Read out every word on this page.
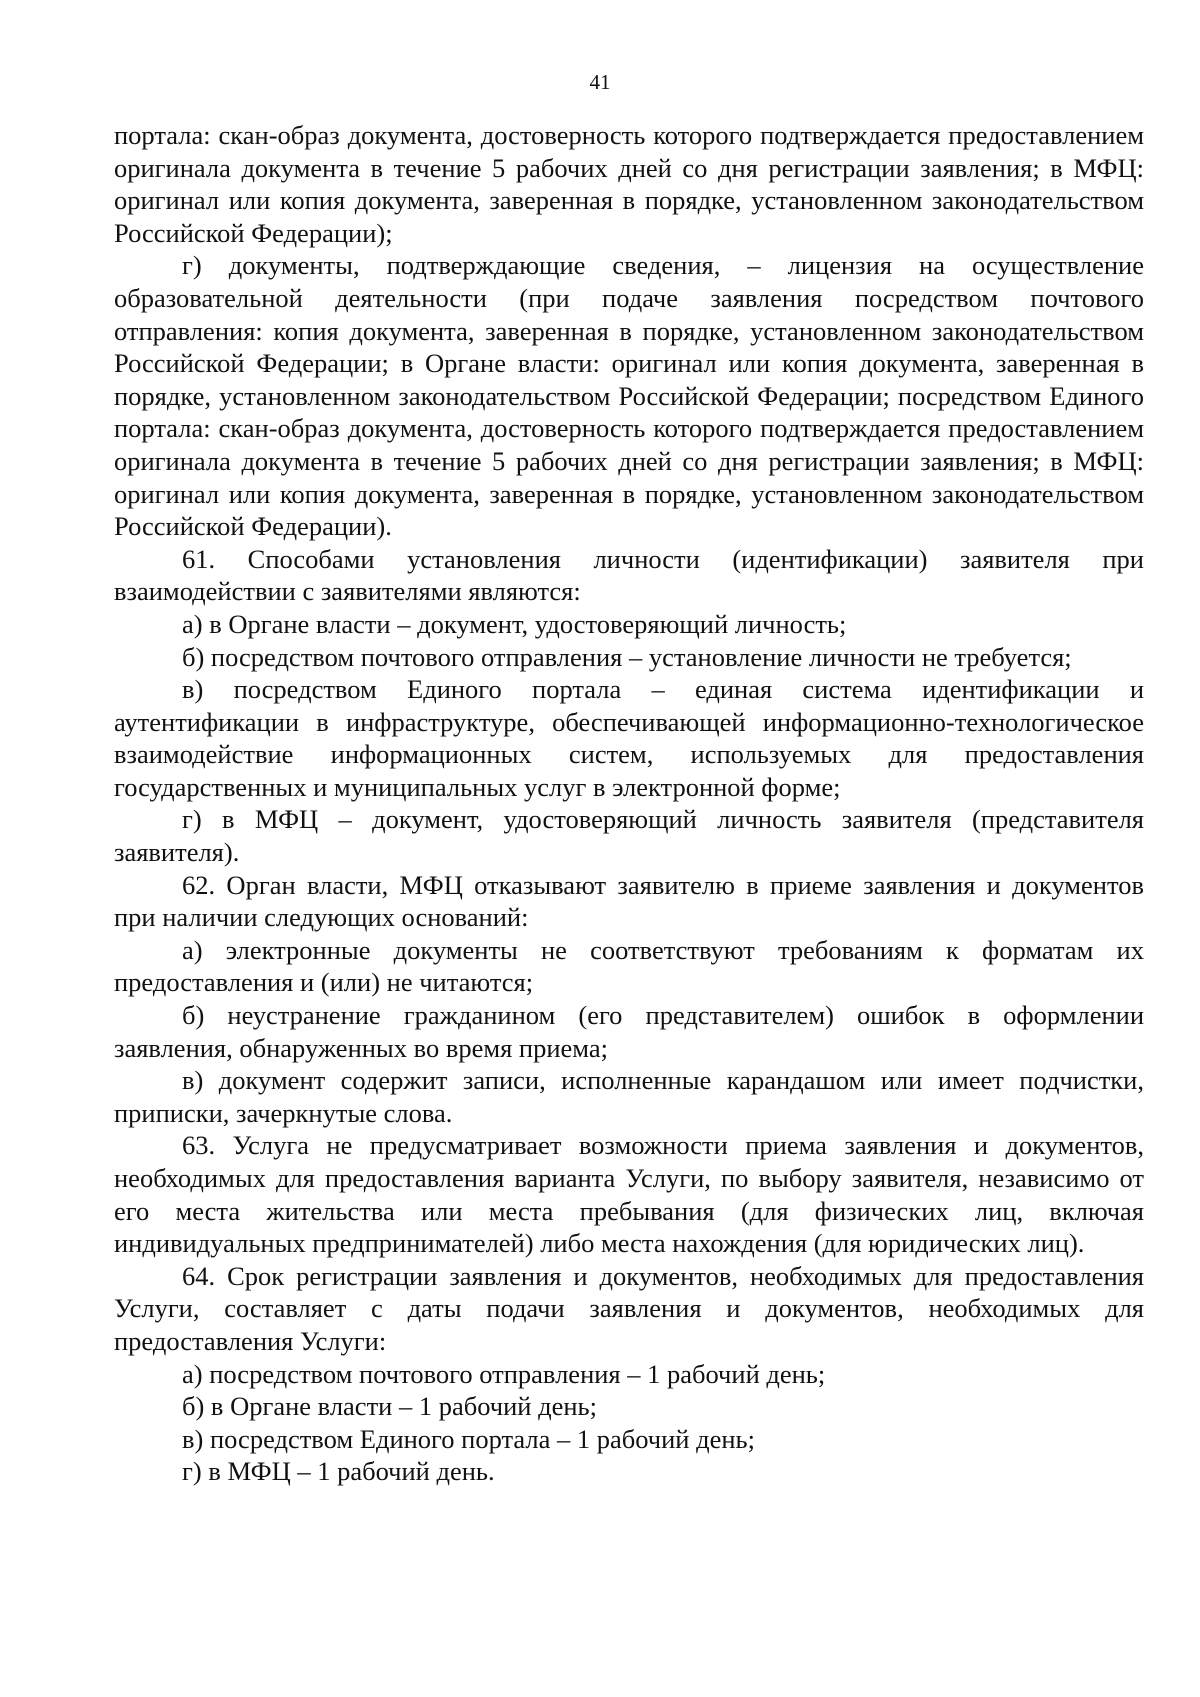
41

портала: скан-образ документа, достоверность которого подтверждается предоставлением оригинала документа в течение 5 рабочих дней со дня регистрации заявления; в МФЦ: оригинал или копия документа, заверенная в порядке, установленном законодательством Российской Федерации);

г) документы, подтверждающие сведения, – лицензия на осуществление образовательной деятельности (при подаче заявления посредством почтового отправления: копия документа, заверенная в порядке, установленном законодательством Российской Федерации; в Органе власти: оригинал или копия документа, заверенная в порядке, установленном законодательством Российской Федерации; посредством Единого портала: скан-образ документа, достоверность которого подтверждается предоставлением оригинала документа в течение 5 рабочих дней со дня регистрации заявления; в МФЦ: оригинал или копия документа, заверенная в порядке, установленном законодательством Российской Федерации).

61. Способами установления личности (идентификации) заявителя при взаимодействии с заявителями являются:

а) в Органе власти – документ, удостоверяющий личность;

б) посредством почтового отправления – установление личности не требуется;

в) посредством Единого портала – единая система идентификации и аутентификации в инфраструктуре, обеспечивающей информационно-технологическое взаимодействие информационных систем, используемых для предоставления государственных и муниципальных услуг в электронной форме;

г) в МФЦ – документ, удостоверяющий личность заявителя (представителя заявителя).

62. Орган власти, МФЦ отказывают заявителю в приеме заявления и документов при наличии следующих оснований:

а) электронные документы не соответствуют требованиям к форматам их предоставления и (или) не читаются;

б) неустранение гражданином (его представителем) ошибок в оформлении заявления, обнаруженных во время приема;

в) документ содержит записи, исполненные карандашом или имеет подчистки, приписки, зачеркнутые слова.

63. Услуга не предусматривает возможности приема заявления и документов, необходимых для предоставления варианта Услуги, по выбору заявителя, независимо от его места жительства или места пребывания (для физических лиц, включая индивидуальных предпринимателей) либо места нахождения (для юридических лиц).

64. Срок регистрации заявления и документов, необходимых для предоставления Услуги, составляет с даты подачи заявления и документов, необходимых для предоставления Услуги:

а) посредством почтового отправления – 1 рабочий день;

б) в Органе власти – 1 рабочий день;

в) посредством Единого портала – 1 рабочий день;

г) в МФЦ – 1 рабочий день.
